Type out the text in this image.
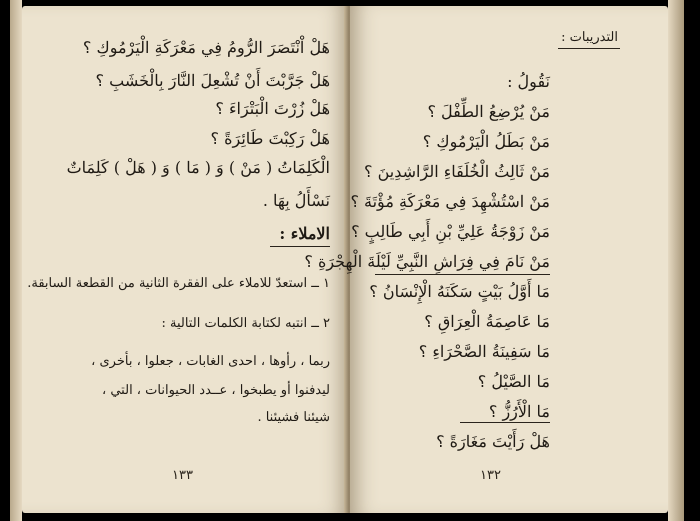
هَلْ اْنْتَصَرَ الرُّومُ فِي مَعْرَكَةِ الْيَرْمُوكِ ؟
هَلْ جَرَّبْتَ أَنْ تُشْعِلَ النَّارَ بِالْخَشَبِ ؟
هَلْ زُرْتَ الْبَتْرَاءَ ؟
هَلْ رَكِبْتَ طَائِرَةً ؟
الْكَلِمَاتُ ( مَنْ ) وَ ( مَا ) وَ ( هَلْ ) كَلِمَاتٌ
نَسْأَلُ بِهَا .
الاملاء :
١ ــ استعدّ للاملاء على الفقرة الثانية من القطعة السابقة.
٢ ــ انتبه لكتابة الكلمات التالية :
ربما ، رأوها ، احدى الغابات ، جعلوا ، بأخرى ،
ليدفنوا أو يطبخوا ، عــدد الحيوانات ، التي ،
شيئنا فشيئنا .
١٣٣
التدريبات :
نَقُولُ :
مَنْ يُرْضِعُ الطِّفْلَ ؟
مَنْ بَطَلُ الْيَرْمُوكِ ؟
مَنْ ثَالِثُ الْخُلَفَاءِ الرَّاشِدِينَ ؟
مَنْ اسْتُشْهِدَ فِي مَعْرَكَةِ مُؤْتَةَ ؟
مَنْ زَوْجَةُ عَلِيِّ بْنِ أَبِي طَالِبٍ ؟
مَنْ نَامَ فِي فِرَاشِ النَّبِيِّ لَيْلَةَ الْهِجْرَةِ ؟
مَا أَوَّلُ بَيْتٍ سَكَنَهُ الْإِنْسَانُ ؟
مَا عَاصِمَةُ الْعِرَاقِ ؟
مَا سَفِينَةُ الصَّحْرَاءِ ؟
مَا الصَّيْلُ ؟
مَا الْأَرُزُّ ؟
هَلْ رَأَيْتَ مَغَارَةً ؟
١٣٢
